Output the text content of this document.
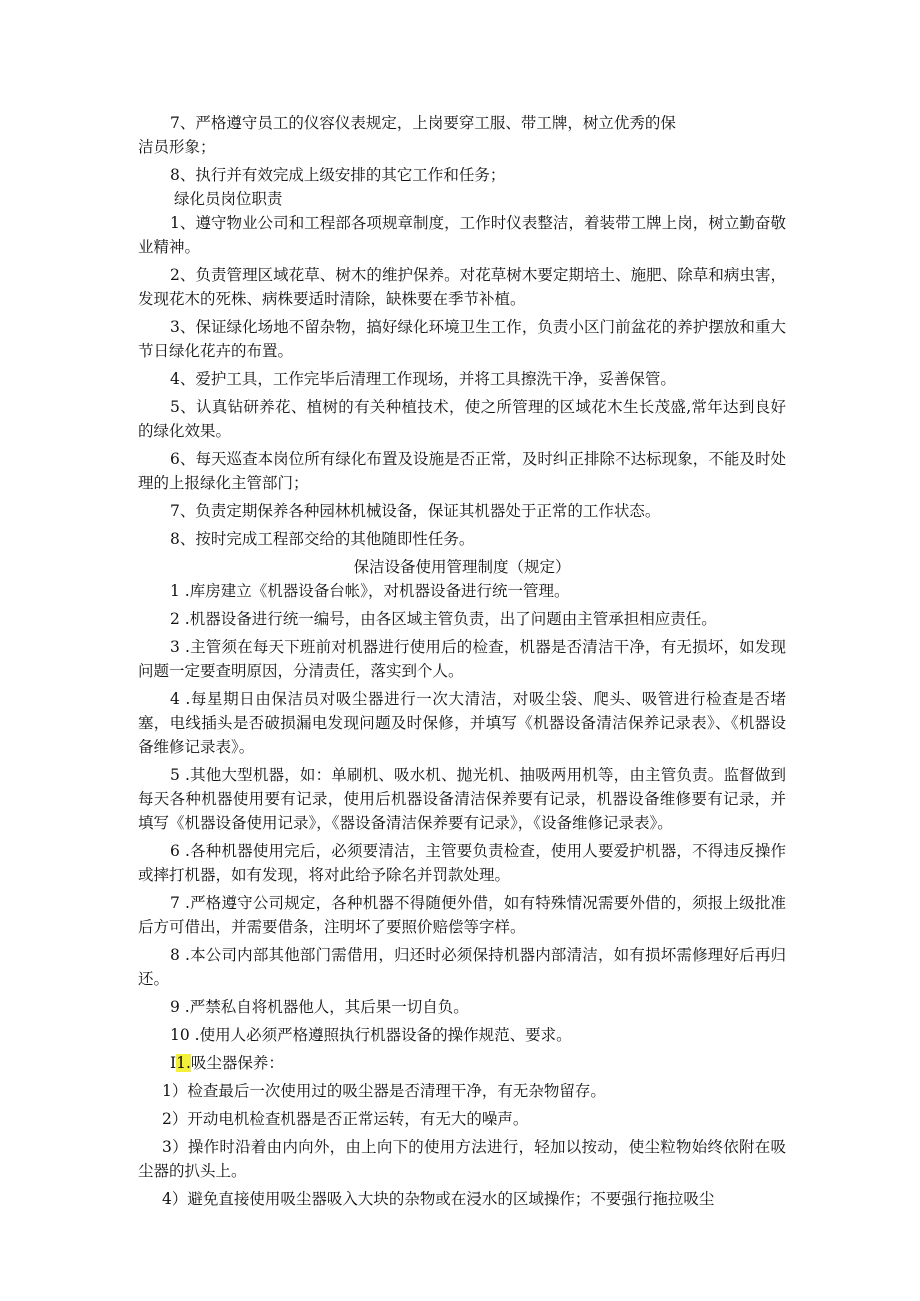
7、严格遵守员工的仪容仪表规定，上岗要穿工服、带工牌，树立优秀的保

洁员形象；

8、执行并有效完成上级安排的其它工作和任务；

绿化员岗位职责

1、遵守物业公司和工程部各项规章制度，工作时仪表整洁，着装带工牌上岗，树立勤奋敬业精神。

2、负责管理区域花草、树木的维护保养。对花草树木要定期培土、施肥、除草和病虫害，发现花木的死株、病株要适时清除，缺株要在季节补植。

3、保证绿化场地不留杂物，搞好绿化环境卫生工作，负责小区门前盆花的养护摆放和重大节日绿化花卉的布置。

4、爱护工具，工作完毕后清理工作现场，并将工具擦洗干净，妥善保管。

5、认真钻研养花、植树的有关种植技术，使之所管理的区域花木生长茂盛,常年达到良好的绿化效果。

6、每天巡查本岗位所有绿化布置及设施是否正常，及时纠正排除不达标现象，不能及时处理的上报绿化主管部门；

7、负责定期保养各种园林机械设备，保证其机器处于正常的工作状态。

8、按时完成工程部交给的其他随即性任务。

保洁设备使用管理制度（规定）

1 .库房建立《机器设备台帐》，对机器设备进行统一管理。

2 .机器设备进行统一编号，由各区域主管负责，出了问题由主管承担相应责任。

3 .主管须在每天下班前对机器进行使用后的检查，机器是否清洁干净，有无损坏，如发现问题一定要查明原因，分清责任，落实到个人。

4 .每星期日由保洁员对吸尘器进行一次大清洁，对吸尘袋、爬头、吸管进行检查是否堵塞，电线插头是否破损漏电发现问题及时保修，并填写《机器设备清洁保养记录表》、《机器设备维修记录表》。

5 .其他大型机器，如：单刷机、吸水机、抛光机、抽吸两用机等，由主管负责。监督做到每天各种机器使用要有记录，使用后机器设备清洁保养要有记录，机器设备维修要有记录，并填写《机器设备使用记录》，《器设备清洁保养要有记录》，《设备维修记录表》。

6 .各种机器使用完后，必须要清洁，主管要负责检查，使用人要爱护机器，不得违反操作或摔打机器，如有发现，将对此给予除名并罚款处理。

7 .严格遵守公司规定，各种机器不得随便外借，如有特殊情况需要外借的，须报上级批准后方可借出，并需要借条，注明坏了要照价赔偿等字样。

8 .本公司内部其他部门需借用，归还时必须保持机器内部清洁，如有损坏需修理好后再归还。

9 .严禁私自将机器他人，其后果一切自负。

10 .使用人必须严格遵照执行机器设备的操作规范、要求。

I1.吸尘器保养：

1）检查最后一次使用过的吸尘器是否清理干净，有无杂物留存。

2）开动电机检查机器是否正常运转，有无大的噪声。

3）操作时沿着由内向外，由上向下的使用方法进行，轻加以按动，使尘粒物始终依附在吸尘器的扒头上。

4）避免直接使用吸尘器吸入大块的杂物或在浸水的区域操作；不要强行拖拉吸尘
